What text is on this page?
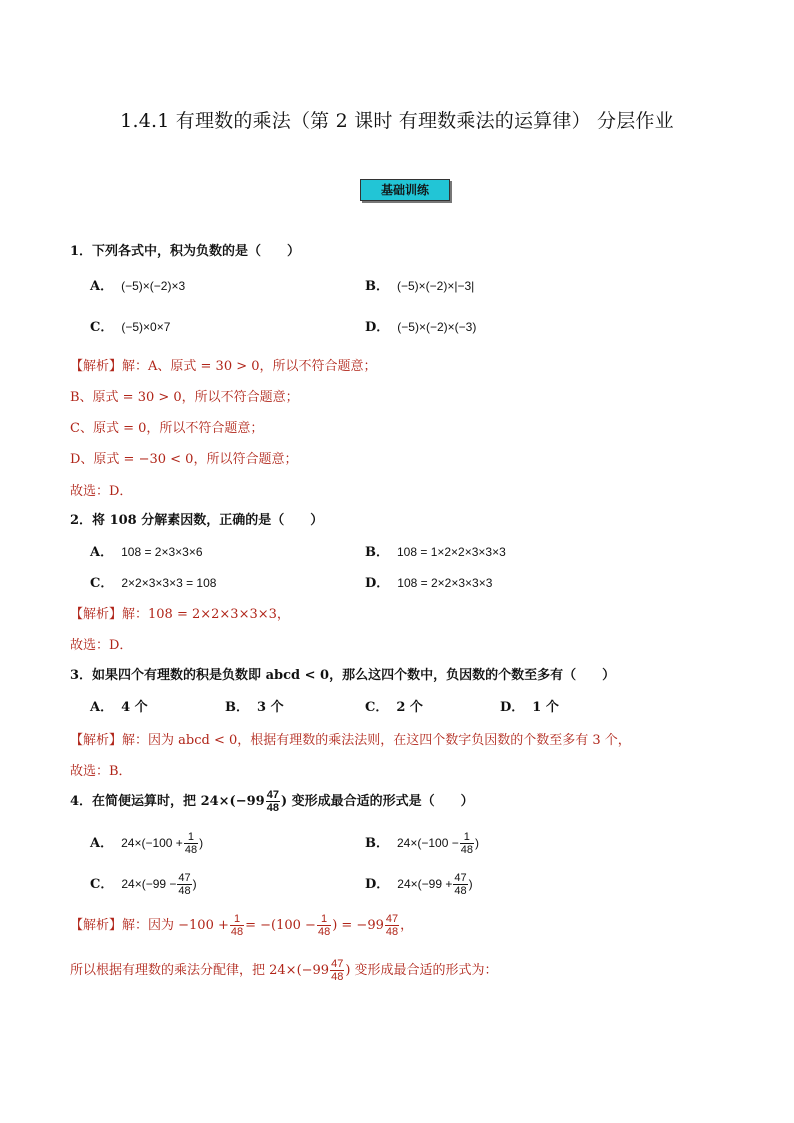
1.4.1 有理数的乘法（第 2 课时 有理数乘法的运算律） 分层作业
基础训练
1．下列各式中，积为负数的是（　　）
A． (−5)×(−2)×3	B． (−5)×(−2)×|−3|
C． (−5)×0×7	D． (−5)×(−2)×(−3)
【解析】解：A、原式 = 30 > 0，所以不符合题意；
B、原式 = 30 > 0，所以不符合题意；
C、原式 = 0，所以不符合题意；
D、原式 = −30 < 0，所以符合题意；
故选：D．
2．将 108 分解素因数，正确的是（　　）
A． 108 = 2×3×3×6	B． 108 = 1×2×2×3×3×3
C． 2×2×3×3×3 = 108	D． 108 = 2×2×3×3×3
【解析】解：108 = 2×2×3×3×3，
故选：D．
3．如果四个有理数的积是负数即 abcd < 0，那么这四个数中，负因数的个数至多有（　　）
A． 4 个	B． 3 个	C． 2 个	D． 1 个
【解析】解：因为 abcd < 0，根据有理数的乘法法则，在这四个数字负因数的个数至多有 3 个，
故选：B．
4．在简便运算时，把 $24\times(-99 \frac{47}{48}$ ) 变形成最合适的形式是（　　）
A． $24\times(-100 + \frac{1}{48}$ )	B． $24\times(-100 - \frac{1}{48}$ )
C． $24\times(-99 - \frac{47}{48}$ )	D． $24\times(-99 + \frac{47}{48}$ )
【解析】解：因为 $-100 + \frac{1}{48} = -(100 - \frac{1}{48}$ ) = $-99 \frac{47}{48}$ ，
所以根据有理数的乘法分配律，把 $24\times(-99 \frac{47}{48}$ ) 变形成最合适的形式为：
